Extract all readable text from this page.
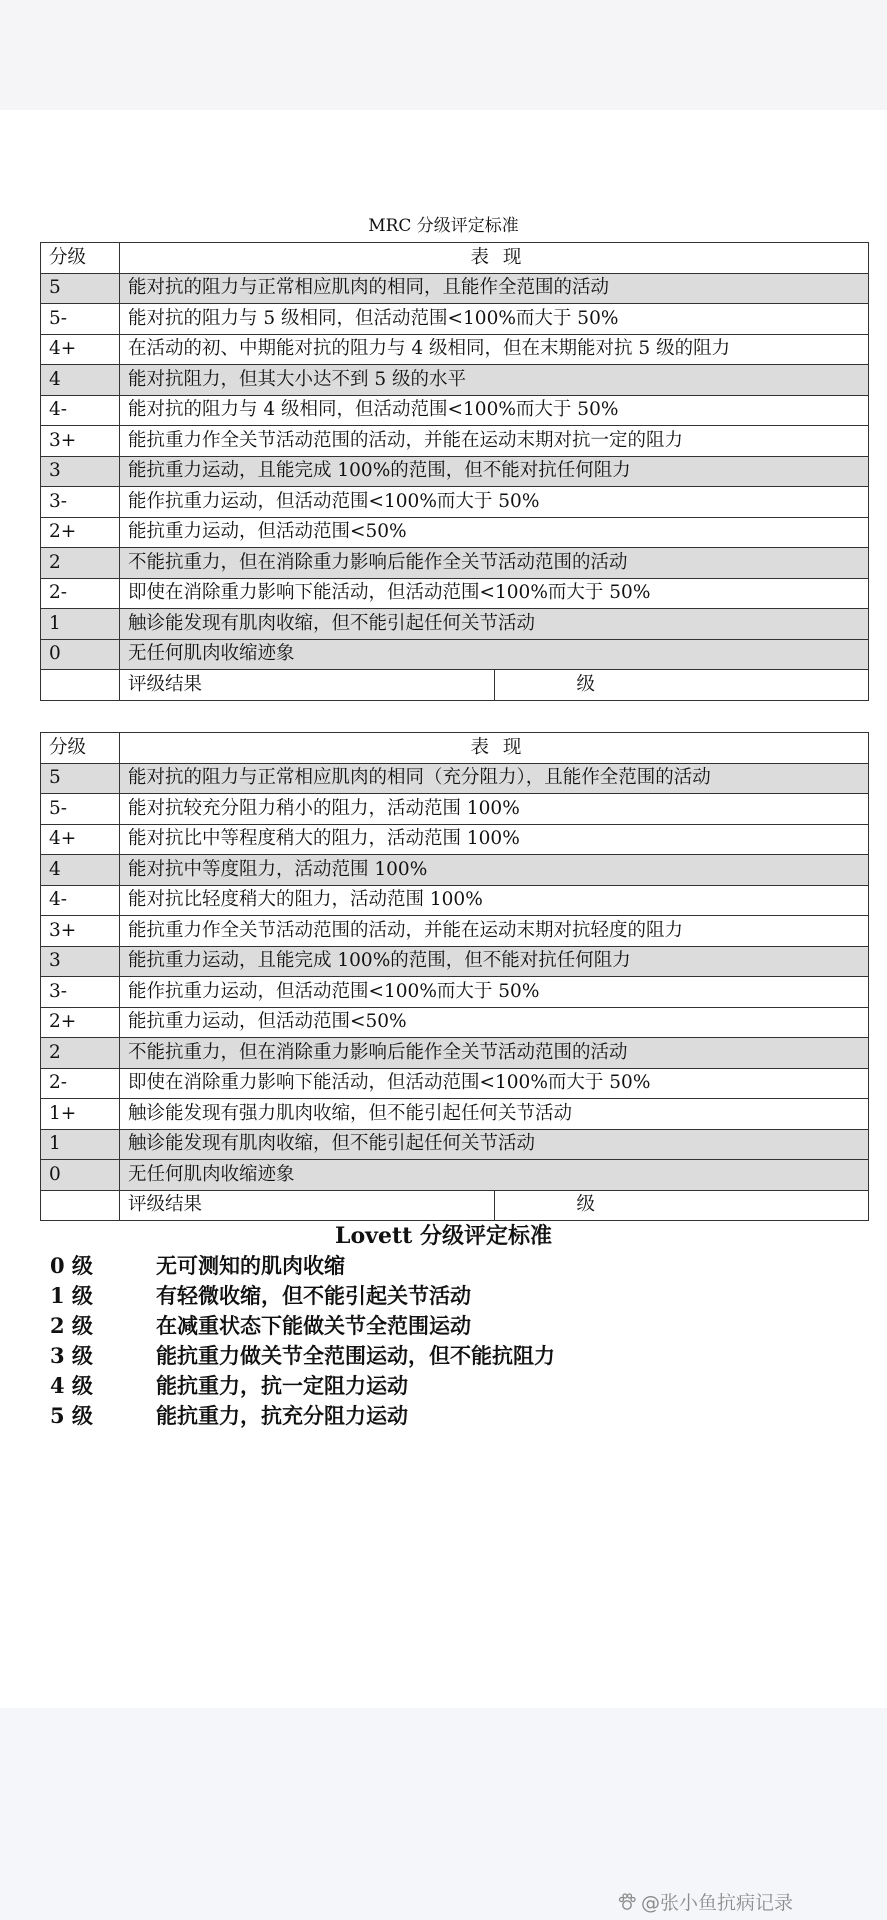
MRC 分级评定标准
分级	表 现	
5	能对抗的阻力与正常相应肌肉的相同，且能作全范围的活动	
5-	能对抗的阻力与 5 级相同，但活动范围<100%而大于 50%	
4+	在活动的初、中期能对抗的阻力与 4 级相同，但在末期能对抗 5 级的阻力	
4	能对抗阻力，但其大小达不到 5 级的水平	
4-	能对抗的阻力与 4 级相同，但活动范围<100%而大于 50%	
3+	能抗重力作全关节活动范围的活动，并能在运动末期对抗一定的阻力	
3	能抗重力运动，且能完成 100%的范围，但不能对抗任何阻力	
3-	能作抗重力运动，但活动范围<100%而大于 50%	
2+	能抗重力运动，但活动范围<50%	
2	不能抗重力，但在消除重力影响后能作全关节活动范围的活动	
2-	即使在消除重力影响下能活动，但活动范围<100%而大于 50%	
1	触诊能发现有肌肉收缩，但不能引起任何关节活动	
0	无任何肌肉收缩迹象	
	评级结果	级
分级	表 现	
5	能对抗的阻力与正常相应肌肉的相同（充分阻力），且能作全范围的活动	
5-	能对抗较充分阻力稍小的阻力，活动范围 100%	
4+	能对抗比中等程度稍大的阻力，活动范围 100%	
4	能对抗中等度阻力，活动范围 100%	
4-	能对抗比轻度稍大的阻力，活动范围 100%	
3+	能抗重力作全关节活动范围的活动，并能在运动末期对抗轻度的阻力	
3	能抗重力运动，且能完成 100%的范围，但不能对抗任何阻力	
3-	能作抗重力运动，但活动范围<100%而大于 50%	
2+	能抗重力运动，但活动范围<50%	
2	不能抗重力，但在消除重力影响后能作全关节活动范围的活动	
2-	即使在消除重力影响下能活动，但活动范围<100%而大于 50%	
1+	触诊能发现有强力肌肉收缩，但不能引起任何关节活动	
1	触诊能发现有肌肉收缩，但不能引起任何关节活动	
0	无任何肌肉收缩迹象	
	评级结果	级
Lovett 分级评定标准
0 级	无可测知的肌肉收缩
1 级	有轻微收缩，但不能引起关节活动
2 级	在减重状态下能做关节全范围运动
3 级	能抗重力做关节全范围运动，但不能抗阻力
4 级	能抗重力，抗一定阻力运动
5 级	能抗重力，抗充分阻力运动
@张小鱼抗病记录
